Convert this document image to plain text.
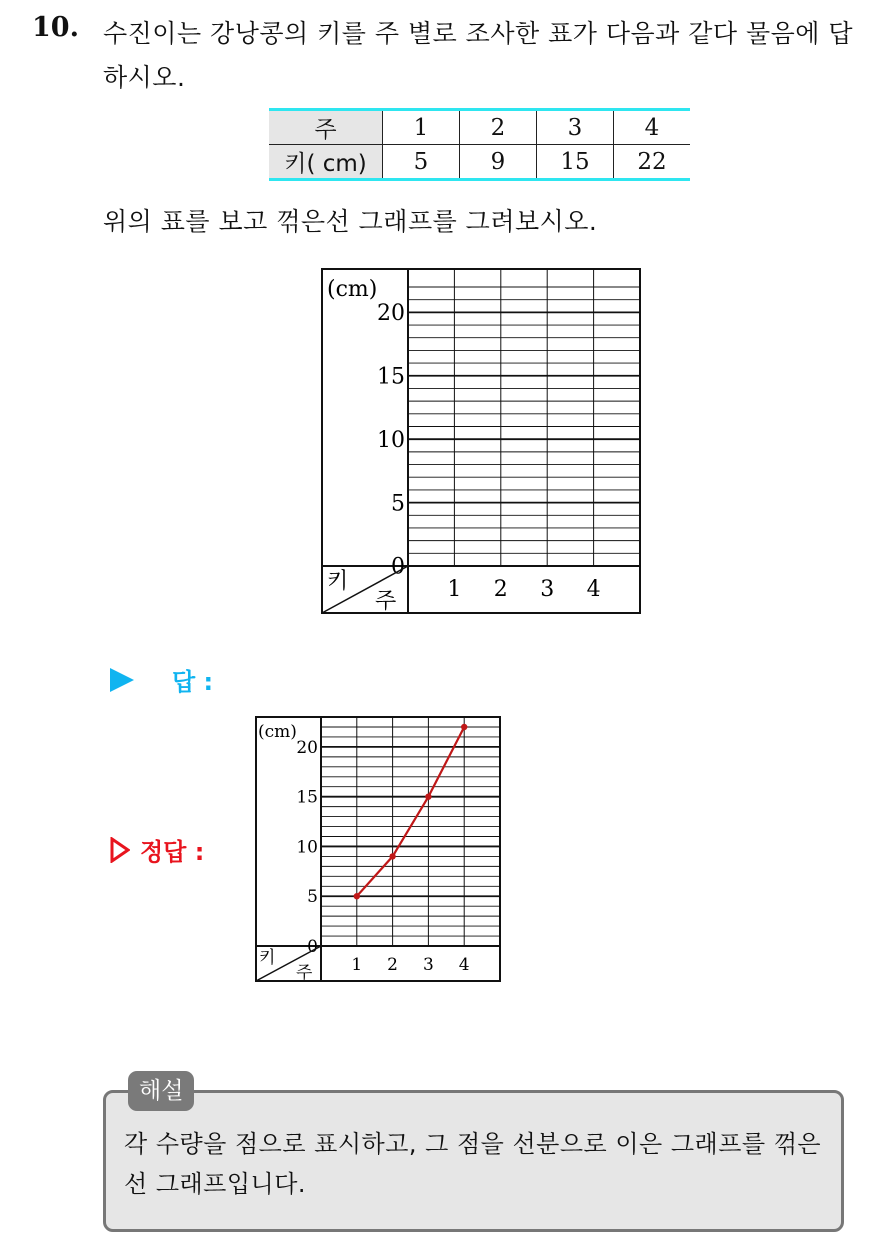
10. 수진이는 강낭콩의 키를 주 별로 조사한 표가 다음과 같다 물음에 답하시오.
주	1	2	3	4
키( cm)	5	9	15	22
위의 표를 보고 꺾은선 그래프를 그려보시오.
(cm)
20
15
10
5
0
키
주 1 2 3 4
답 :
정답 :
(cm)
20
15
10
5
0
키
주 1 2 3 4
해설
각 수량을 점으로 표시하고, 그 점을 선분으로 이은 그래프를 꺾은선 그래프입니다.
